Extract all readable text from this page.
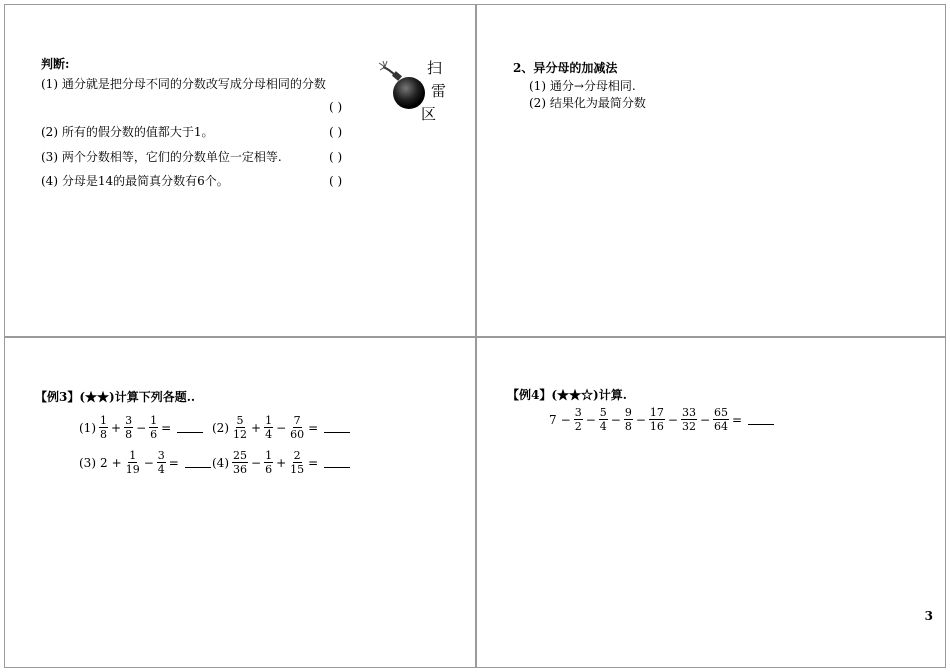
判断:
(1) 通分就是把分母不同的分数改写成分母相同的分数
( )
(2) 所有的假分数的值都大于1。	( )
(3) 两个分数相等，它们的分数单位一定相等.	( )
(4) 分母是14的最简真分数有6个。	( )
扫
雷
区
2、异分母的加减法
(1) 通分→分母相同.
(2) 结果化为最简分数
【例3】(★★)计算下列各题..
$(1) \frac{1}{8} + \frac{3}{8} - \frac{1}{6}$ =	$(2) \frac{5}{12} + \frac{1}{4} - \frac{7}{60}$ =
(3) $2 + \frac{1}{19} - \frac{3}{4}$ =	$(4) \frac{25}{36} - \frac{1}{6} + \frac{2}{15}$ =
【例4】(★★☆)计算.
$7 - \frac{3}{2} - \frac{5}{4} - \frac{9}{8} - \frac{17}{16} - \frac{33}{32} - \frac{65}{64}$ =
3
